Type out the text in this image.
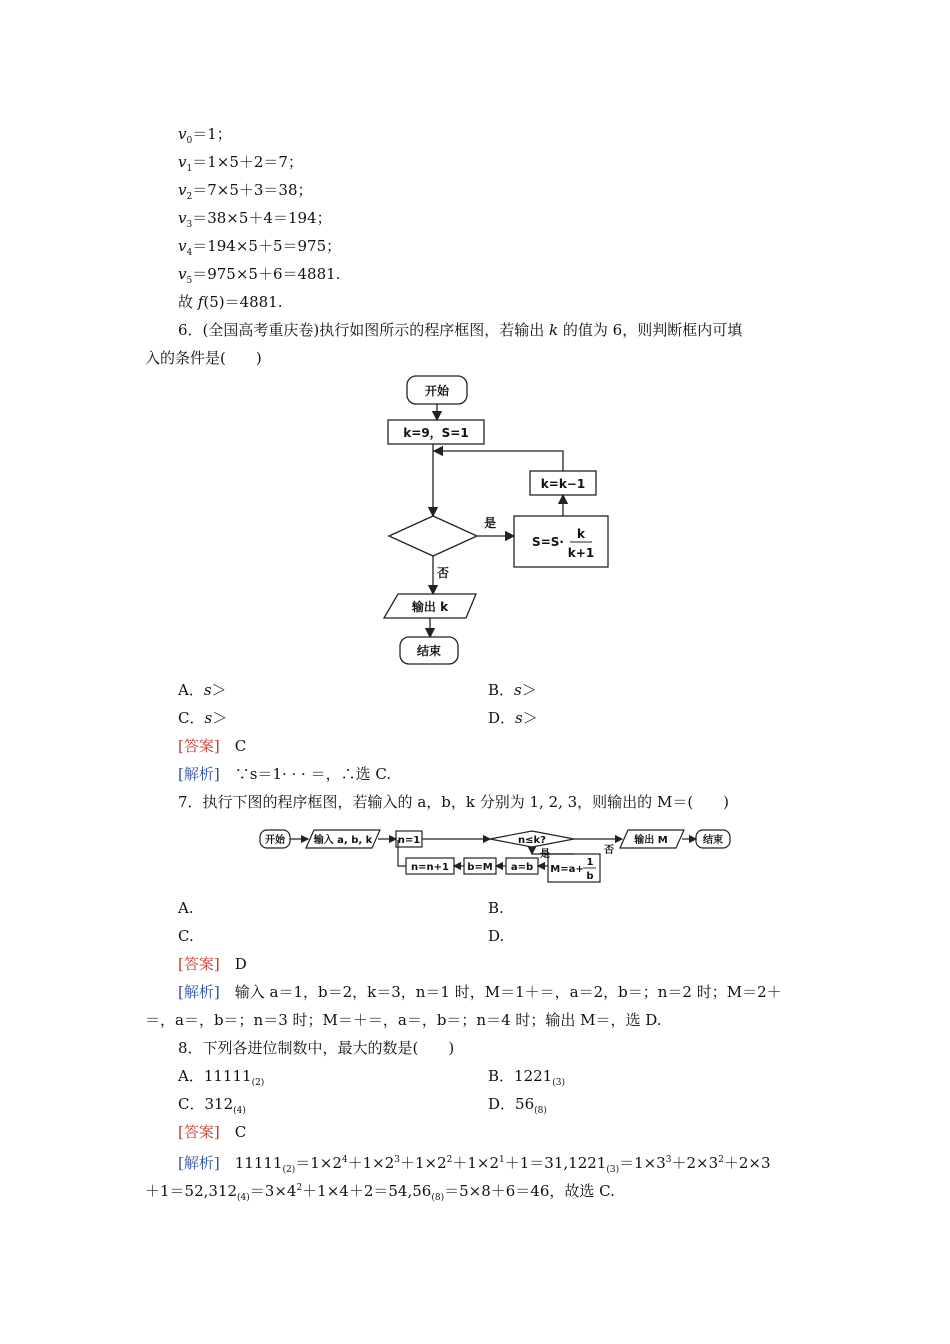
$v_0=1$；
$v_1=1\times 5+2=7$；
$v_2=7\times 5+3=38$；
$v_3=38\times 5+4=194$；
$v_4=194\times 5+5=975$；
$v_5=975\times 5+6=4881$.
故 f(5)＝4881.
6．(全国高考重庆卷)执行如图所示的程序框图，若输出 k 的值为 6，则判断框内可填
入的条件是(　　)
开始
k=9，S=1
k=k−1
是
S=S·
k
k+1
否
输出 k
结束
A．s＞	B．s＞
C．s＞	D．s＞
[答案]　 C
[解析]　 ∵s＝1· · · ＝，∴选 C.
7．执行下图的程序框图，若输入的 a，b，k 分别为 1, 2, 3，则输出的 M＝(　　)
开始	输入 a, b, k	n=1	n≤k?
是	否
输出 M	结束
n=n+1 b=M a=b M=a+
1
b
A.	B.
C.	D.
[答案]　 D
[解析]　 输入 a＝1，b＝2，k＝3，n＝1 时，M＝1＋＝，a＝2，b＝；n＝2 时；M＝2＋
＝，a＝，b＝；n＝3 时；M＝＋＝，a＝，b＝；n＝4 时；输出 M＝，选 D.
8．下列各进位制数中，最大的数是(　　)
A．$11111_{(2)}$	B．$1221_{(3)}$
C．$312_{(4)}$	D．$56_{(8)}$
[答案]　 C
[解析]　 $11111_{(2)}=1\times 2^4+1\times 2^3+1\times 2^2+1\times 2^1+1=31,1221_{(3)}=1\times 3^3+2\times 3^2+2\times 3$
$+1=52,312_{(4)}=3\times 4^2+1\times 4+2=54,56_{(8)}=5\times 8+6=46$，故选 C.
